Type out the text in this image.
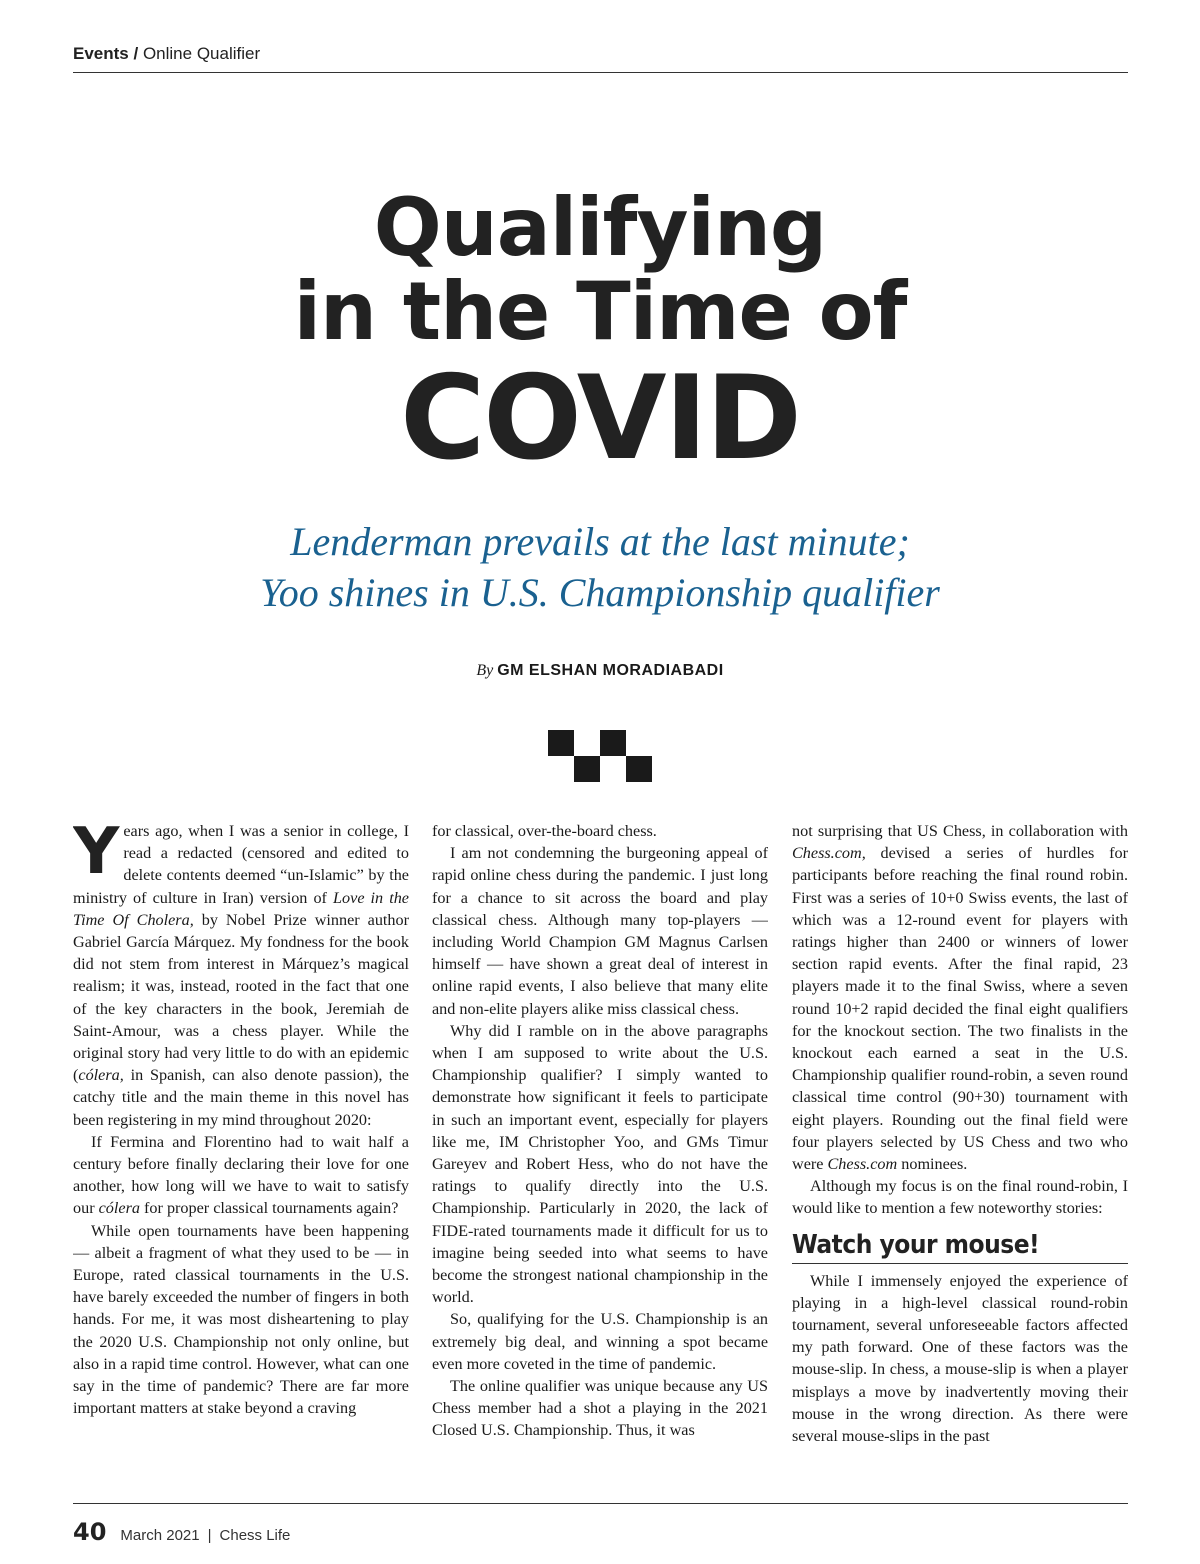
Events / Online Qualifier
Qualifying
in the Time of
COVID
Lenderman prevails at the last minute;
Yoo shines in U.S. Championship qualifier
By GM ELSHAN MORADIABADI

Years ago, when I was a senior in college, I read a redacted (censored and edited to delete contents deemed “un-Islamic” by the ministry of culture in Iran) version of Love in the Time Of Cholera, by Nobel Prize winner author Gabriel García Márquez. My fondness for the book did not stem from interest in Márquez’s magical realism; it was, instead, rooted in the fact that one of the key characters in the book, Jeremiah de Saint-Amour, was a chess player. While the original story had very little to do with an epidemic (cólera, in Spanish, can also denote passion), the catchy title and the main theme in this novel has been registering in my mind throughout 2020:

If Fermina and Florentino had to wait half a century before finally declaring their love for one another, how long will we have to wait to satisfy our cólera for proper classical tournaments again?

While open tournaments have been happening — albeit a fragment of what they used to be — in Europe, rated classical tournaments in the U.S. have barely exceeded the number of fingers in both hands. For me, it was most disheartening to play the 2020 U.S. Championship not only online, but also in a rapid time control. However, what can one say in the time of pandemic? There are far more important matters at stake beyond a craving

for classical, over-the-board chess.

I am not condemning the burgeoning appeal of rapid online chess during the pandemic. I just long for a chance to sit across the board and play classical chess. Although many top-players — including World Champion GM Magnus Carlsen himself — have shown a great deal of interest in online rapid events, I also believe that many elite and non-elite players alike miss classical chess.

Why did I ramble on in the above paragraphs when I am supposed to write about the U.S. Championship qualifier? I simply wanted to demonstrate how significant it feels to participate in such an important event, especially for players like me, IM Christopher Yoo, and GMs Timur Gareyev and Robert Hess, who do not have the ratings to qualify directly into the U.S. Championship. Particularly in 2020, the lack of FIDE-rated tournaments made it difficult for us to imagine being seeded into what seems to have become the strongest national championship in the world.

So, qualifying for the U.S. Championship is an extremely big deal, and winning a spot became even more coveted in the time of pandemic.

The online qualifier was unique because any US Chess member had a shot a playing in the 2021 Closed U.S. Championship. Thus, it was

not surprising that US Chess, in collaboration with Chess.com, devised a series of hurdles for participants before reaching the final round robin. First was a series of 10+0 Swiss events, the last of which was a 12-round event for players with ratings higher than 2400 or winners of lower section rapid events. After the final rapid, 23 players made it to the final Swiss, where a seven round 10+2 rapid decided the final eight qualifiers for the knockout section. The two finalists in the knockout each earned a seat in the U.S. Championship qualifier round-robin, a seven round classical time control (90+30) tournament with eight players. Rounding out the final field were four players selected by US Chess and two who were Chess.com nominees.

Although my focus is on the final round-robin, I would like to mention a few noteworthy stories:

Watch your mouse!

While I immensely enjoyed the experience of playing in a high-level classical round-robin tournament, several unforeseeable factors affected my path forward. One of these factors was the mouse-slip. In chess, a mouse-slip is when a player misplays a move by inadvertently moving their mouse in the wrong direction. As there were several mouse-slips in the past

40 March 2021 | Chess Life
